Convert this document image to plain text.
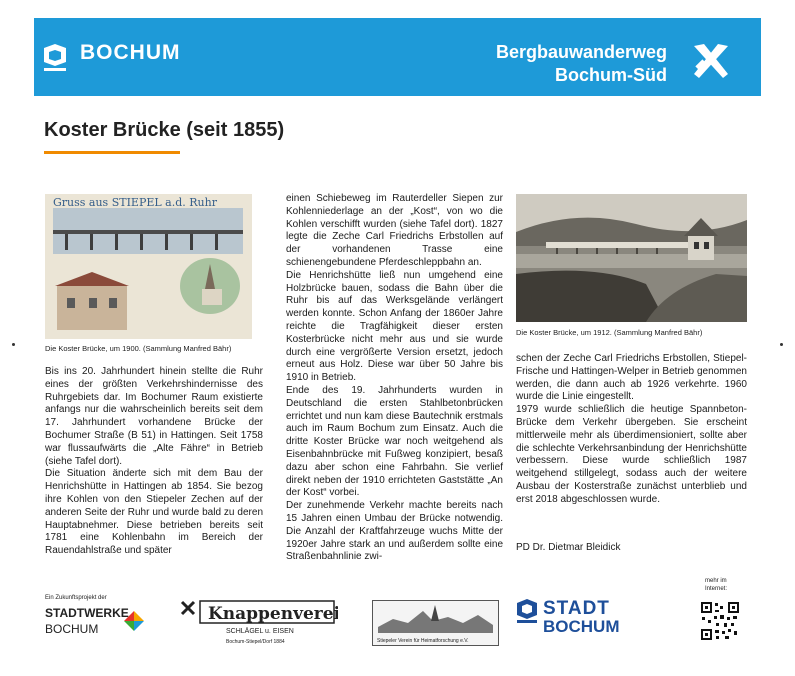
BOCHUM	Bergbauwanderweg
Bochum-Süd
Koster Brücke (seit 1855)
Gruss aus STIEPEL a.d. Ruhr
Die Koster Brücke, um 1900. (Sammlung Manfred Bähr)
Die Koster Brücke, um 1912. (Sammlung Manfred Bähr)

Bis ins 20. Jahrhundert hinein stellte die Ruhr eines der größten Verkehrshindernisse des Ruhrgebiets dar. Im Bochumer Raum existierte anfangs nur die wahrscheinlich bereits seit dem 17. Jahrhundert vorhandene Brücke der Bochumer Straße (B 51) in Hattingen. Seit 1758 war flussaufwärts die „Alte Fähre“ in Betrieb (siehe Tafel dort).

Die Situation änderte sich mit dem Bau der Henrichshütte in Hattingen ab 1854. Sie bezog ihre Kohlen von den Stiepeler Zechen auf der anderen Seite der Ruhr und wurde bald zu deren Hauptabnehmer. Diese betrieben bereits seit 1781 eine Kohlenbahn im Bereich der Rauendahlstraße und später

einen Schiebeweg im Rauterdeller Siepen zur Kohlenniederlage an der „Kost“, von wo die Kohlen verschifft wurden (siehe Tafel dort). 1827 legte die Zeche Carl Friedrichs Erbstollen auf der vorhandenen Trasse eine schienengebundene Pferdeschleppbahn an.

Die Henrichshütte ließ nun umgehend eine Holzbrücke bauen, sodass die Bahn über die Ruhr bis auf das Werksgelände verlängert werden konnte. Schon Anfang der 1860er Jahre reichte die Tragfähigkeit dieser ersten Kosterbrücke nicht mehr aus und sie wurde durch eine vergrößerte Version ersetzt, jedoch erneut aus Holz. Diese war über 50 Jahre bis 1910 in Betrieb.

Ende des 19. Jahrhunderts wurden in Deutschland die ersten Stahlbetonbrücken errichtet und nun kam diese Bautechnik erstmals auch im Raum Bochum zum Einsatz. Auch die dritte Koster Brücke war noch weitgehend als Eisenbahnbrücke mit Fußweg konzipiert, besaß dazu aber schon eine Fahrbahn. Sie verlief direkt neben der 1910 errichteten Gaststätte „An der Kost“ vorbei.

Der zunehmende Verkehr machte bereits nach 15 Jahren einen Umbau der Brücke notwendig. Die Anzahl der Kraftfahrzeuge wuchs Mitte der 1920er Jahre stark an und außerdem sollte eine Straßenbahnlinie zwi-

schen der Zeche Carl Friedrichs Erbstollen, Stiepel-Frische und Hattingen-Welper in Betrieb genommen werden, die dann auch ab 1926 verkehrte. 1960 wurde die Linie eingestellt.

1979 wurde schließlich die heutige Spannbeton-Brücke dem Verkehr übergeben. Sie erscheint mittlerweile mehr als überdimensioniert, sollte aber die schlechte Verkehrsanbindung der Henrichshütte verbessern. Diese wurde schließlich 1987 weitgehend stillgelegt, sodass auch der weitere Ausbau der Kosterstraße zunächst unterblieb und erst 2018 abgeschlossen wurde.

PD Dr. Dietmar Bleidick
Ein Zukunftsprojekt der
STADTWERKE
BOCHUM
Knappenverein
SCHLÄGEL u. EISEN
Bochum-Stiepel/Dorf 1884	Stiepeler Verein für Heimatforschung e.V.
STADT
BOCHUM
mehr im
Internet:
